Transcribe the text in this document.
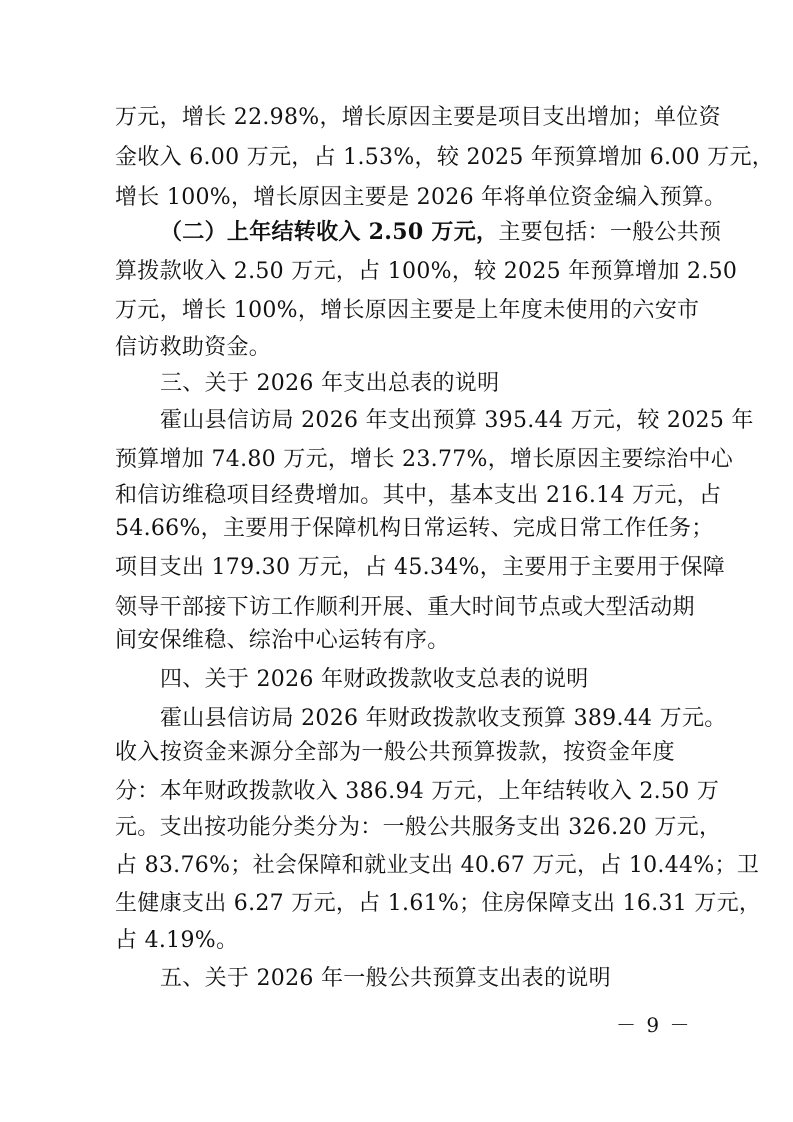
万元，增长 22.98%，增长原因主要是项目支出增加；单位资
金收入 6.00 万元，占 1.53%，较 2025 年预算增加 6.00 万元，
增长 100%，增长原因主要是 2026 年将单位资金编入预算。
（二）上年结转收入 2.50 万元，主要包括：一般公共预
算拨款收入 2.50 万元，占 100%，较 2025 年预算增加 2.50
万元，增长 100%，增长原因主要是上年度未使用的六安市
信访救助资金。
三、关于 2026 年支出总表的说明
霍山县信访局 2026 年支出预算 395.44 万元，较 2025 年
预算增加 74.80 万元，增长 23.77%，增长原因主要综治中心
和信访维稳项目经费增加。其中，基本支出 216.14 万元，占
54.66%，主要用于保障机构日常运转、完成日常工作任务；
项目支出 179.30 万元，占 45.34%，主要用于主要用于保障
领导干部接下访工作顺利开展、重大时间节点或大型活动期
间安保维稳、综治中心运转有序。
四、关于 2026 年财政拨款收支总表的说明
霍山县信访局 2026 年财政拨款收支预算 389.44 万元。
收入按资金来源分全部为一般公共预算拨款，按资金年度
分：本年财政拨款收入 386.94 万元，上年结转收入 2.50 万
元。支出按功能分类分为：一般公共服务支出 326.20 万元，
占 83.76%；社会保障和就业支出 40.67 万元，占 10.44%；卫
生健康支出 6.27 万元，占 1.61%；住房保障支出 16.31 万元，
占 4.19%。
五、关于 2026 年一般公共预算支出表的说明
－ 9 －
